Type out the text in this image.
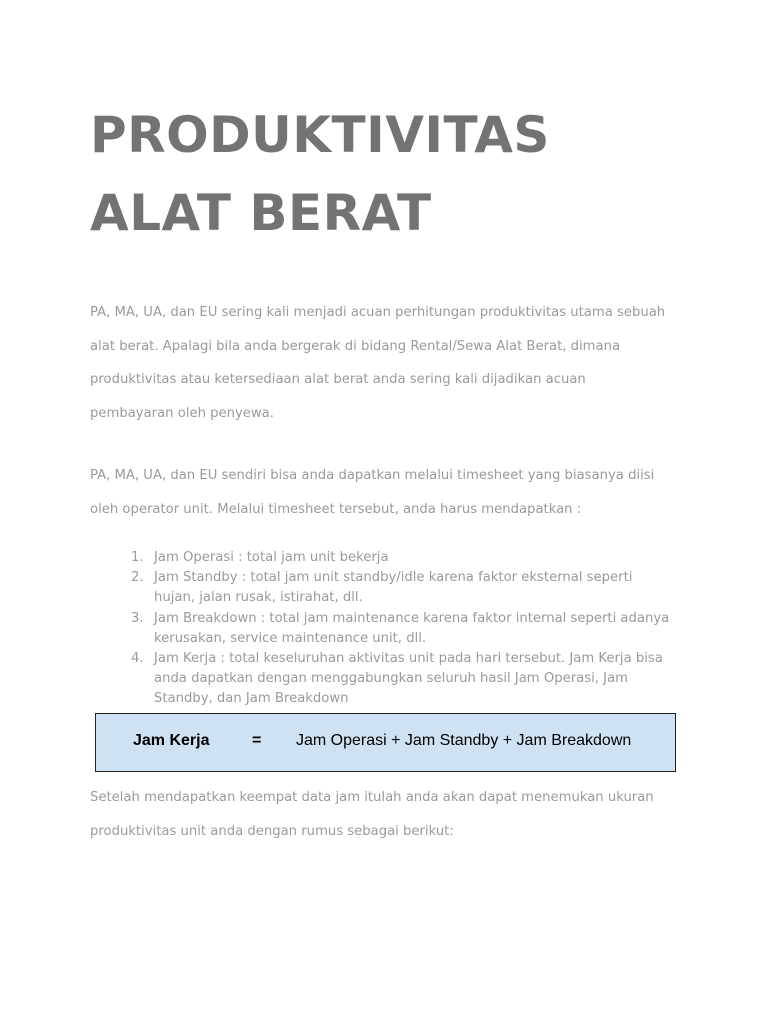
PRODUKTIVITAS
ALAT BERAT

PA, MA, UA, dan EU sering kali menjadi acuan perhitungan produktivitas utama sebuah
alat berat. Apalagi bila anda bergerak di bidang Rental/Sewa Alat Berat, dimana
produktivitas atau ketersediaan alat berat anda sering kali dijadikan acuan
pembayaran oleh penyewa.

PA, MA, UA, dan EU sendiri bisa anda dapatkan melalui timesheet yang biasanya diisi
oleh operator unit. Melalui timesheet tersebut, anda harus mendapatkan :

1. Jam Operasi : total jam unit bekerja
2. Jam Standby : total jam unit standby/idle karena faktor eksternal seperti
hujan, jalan rusak, istirahat, dll.
3. Jam Breakdown : total jam maintenance karena faktor internal seperti adanya
kerusakan, service maintenance unit, dll.
4. Jam Kerja : total keseluruhan aktivitas unit pada hari tersebut. Jam Kerja bisa
anda dapatkan dengan menggabungkan seluruh hasil Jam Operasi, Jam
Standby, dan Jam Breakdown
Jam Kerja	= Jam Operasi + Jam Standby + Jam Breakdown

Setelah mendapatkan keempat data jam itulah anda akan dapat menemukan ukuran
produktivitas unit anda dengan rumus sebagai berikut:
